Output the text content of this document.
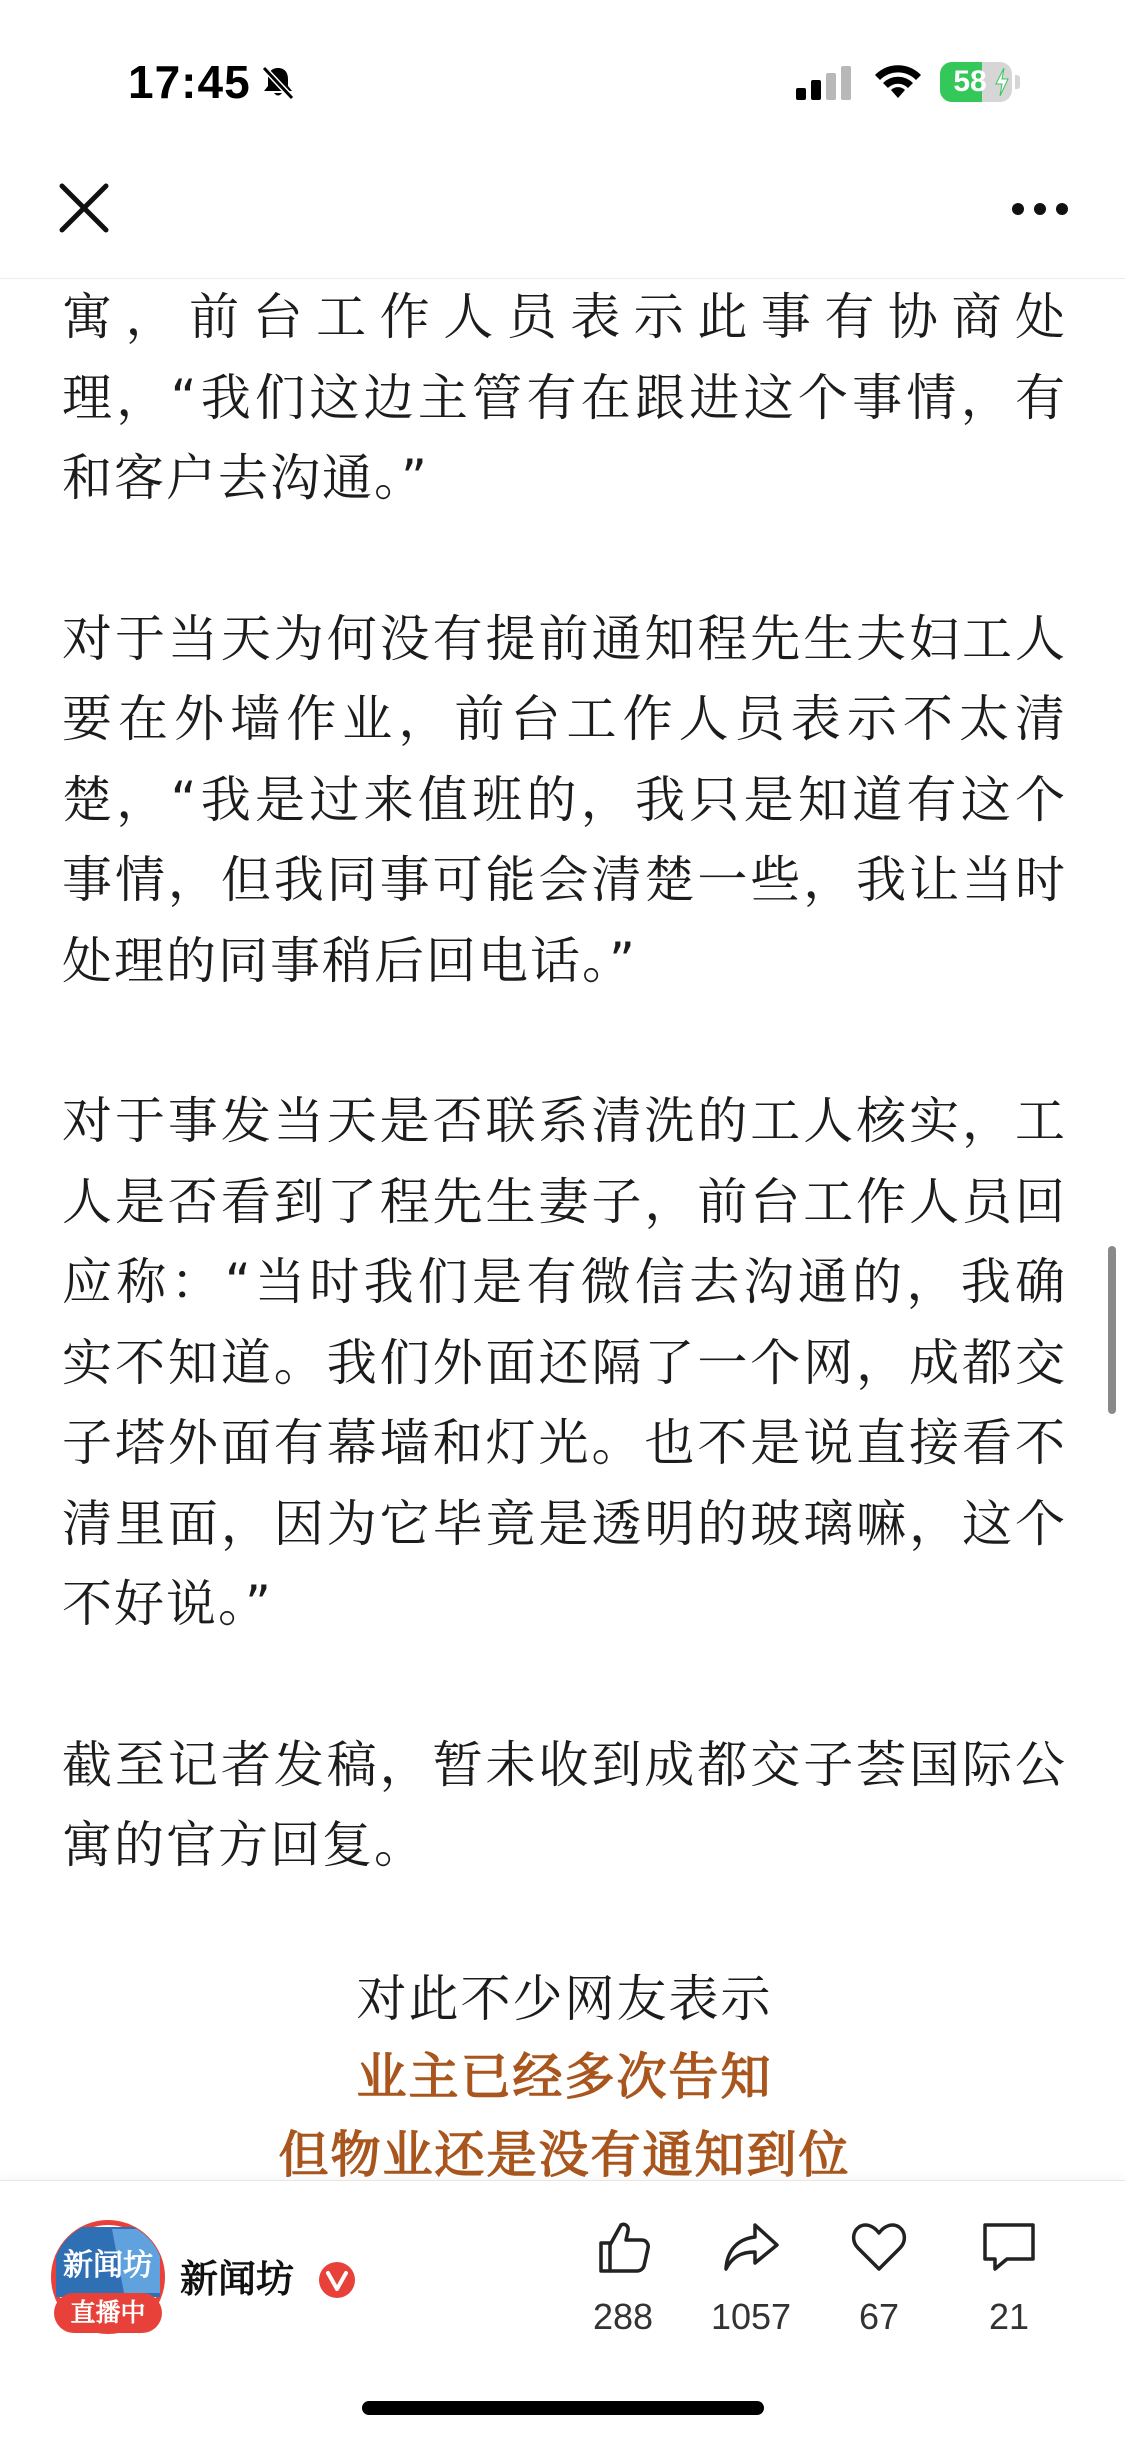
17:45	58

寓，前台工作人员表示此事有协商处理，“我们这边主管有在跟进这个事情，有和客户去沟通。”

对于当天为何没有提前通知程先生夫妇工人要在外墙作业，前台工作人员表示不太清楚，“我是过来值班的，我只是知道有这个事情，但我同事可能会清楚一些，我让当时处理的同事稍后回电话。”

对于事发当天是否联系清洗的工人核实，工人是否看到了程先生妻子，前台工作人员回应称：“当时我们是有微信去沟通的，我确实不知道。我们外面还隔了一个网，成都交子塔外面有幕墙和灯光。也不是说直接看不清里面，因为它毕竟是透明的玻璃嘛，这个不好说。”

截至记者发稿，暂未收到成都交子荟国际公寓的官方回复。

对此不少网友表示
业主已经多次告知
但物业还是没有通知到位
新闻坊
直播中
新闻坊
288	1057	67	21
